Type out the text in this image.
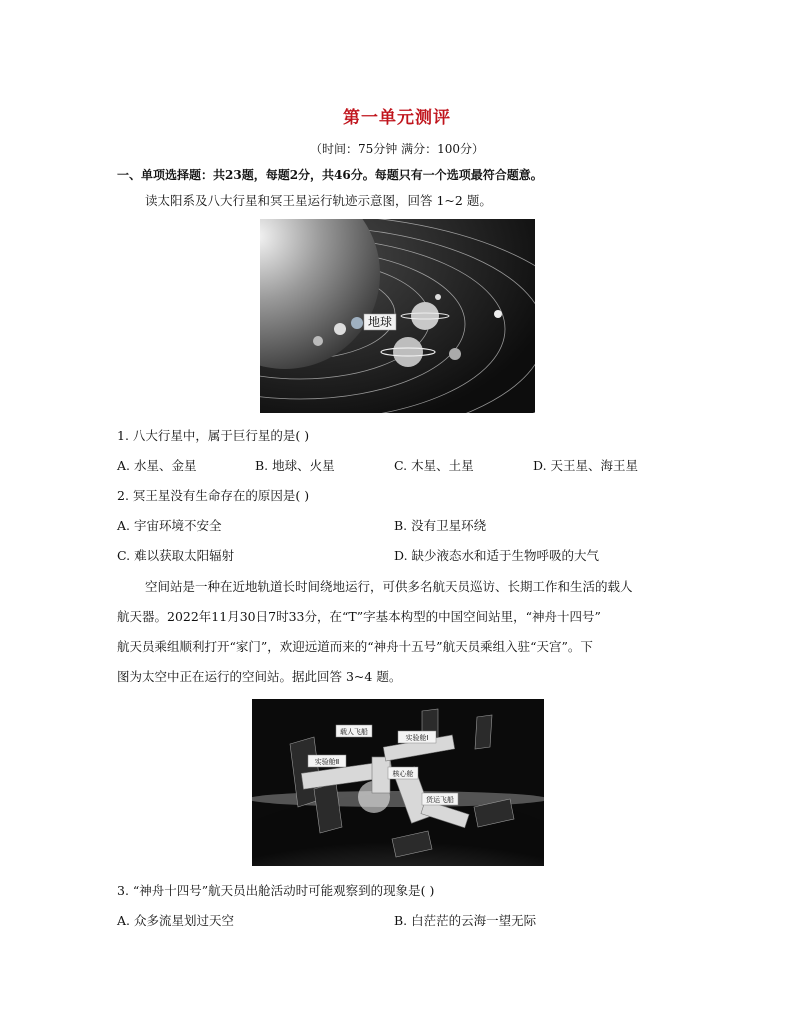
第一单元测评
（时间：75分钟 满分：100分）
一、单项选择题：共23题，每题2分，共46分。每题只有一个选项最符合题意。
读太阳系及八大行星和冥王星运行轨迹示意图，回答 1~2 题。
地球
1. 八大行星中，属于巨行星的是( )
A. 水星、金星	B. 地球、火星	C. 木星、土星	D. 天王星、海王星
2. 冥王星没有生命存在的原因是( )
A. 宇宙环境不安全	B. 没有卫星环绕
C. 难以获取太阳辐射	D. 缺少液态水和适于生物呼吸的大气
空间站是一种在近地轨道长时间绕地运行，可供多名航天员巡访、长期工作和生活的载人
航天器。2022年11月30日7时33分，在“T”字基本构型的中国空间站里，“神舟十四号”
航天员乘组顺利打开“家门”，欢迎远道而来的“神舟十五号”航天员乘组入驻“天宫”。下
图为太空中正在运行的空间站。据此回答 3~4 题。
载人飞船
实验舱Ⅰ
实验舱Ⅱ
核心舱
货运飞船
3. “神舟十四号”航天员出舱活动时可能观察到的现象是( )
A. 众多流星划过天空	B. 白茫茫的云海一望无际
